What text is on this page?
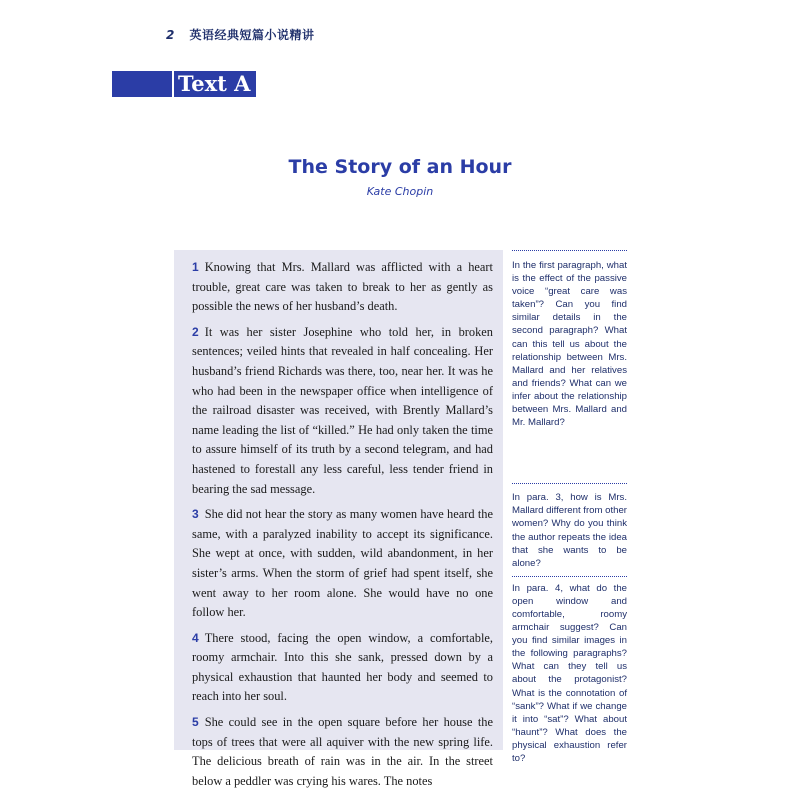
2 英语经典短篇小说精讲
Text A
The Story of an Hour
Kate Chopin

1 Knowing that Mrs. Mallard was afflicted with a heart trouble, great care was taken to break to her as gently as possible the news of her husband’s death.

2 It was her sister Josephine who told her, in broken sentences; veiled hints that revealed in half concealing. Her husband’s friend Richards was there, too, near her. It was he who had been in the newspaper office when intelligence of the railroad disaster was received, with Brently Mallard’s name leading the list of “killed.” He had only taken the time to assure himself of its truth by a second telegram, and had hastened to forestall any less careful, less tender friend in bearing the sad message.

3 She did not hear the story as many women have heard the same, with a paralyzed inability to accept its significance. She wept at once, with sudden, wild abandonment, in her sister’s arms. When the storm of grief had spent itself, she went away to her room alone. She would have no one follow her.

4 There stood, facing the open window, a comfortable, roomy armchair. Into this she sank, pressed down by a physical exhaustion that haunted her body and seemed to reach into her soul.

5 She could see in the open square before her house the tops of trees that were all aquiver with the new spring life. The delicious breath of rain was in the air. In the street below a peddler was crying his wares. The notes

In the first paragraph, what is the effect of the passive voice “great care was taken”? Can you find similar details in the second paragraph? What can this tell us about the relationship between Mrs. Mallard and her relatives and friends? What can we infer about the relationship between Mrs. Mallard and Mr. Mallard?
In para. 3, how is Mrs. Mallard different from other women? Why do you think the author repeats the idea that she wants to be alone?
In para. 4, what do the open window and comfortable, roomy armchair suggest? Can you find similar images in the following paragraphs? What can they tell us about the protagonist? What is the connotation of “sank”? What if we change it into “sat”? What about “haunt”? What does the physical exhaustion refer to?
